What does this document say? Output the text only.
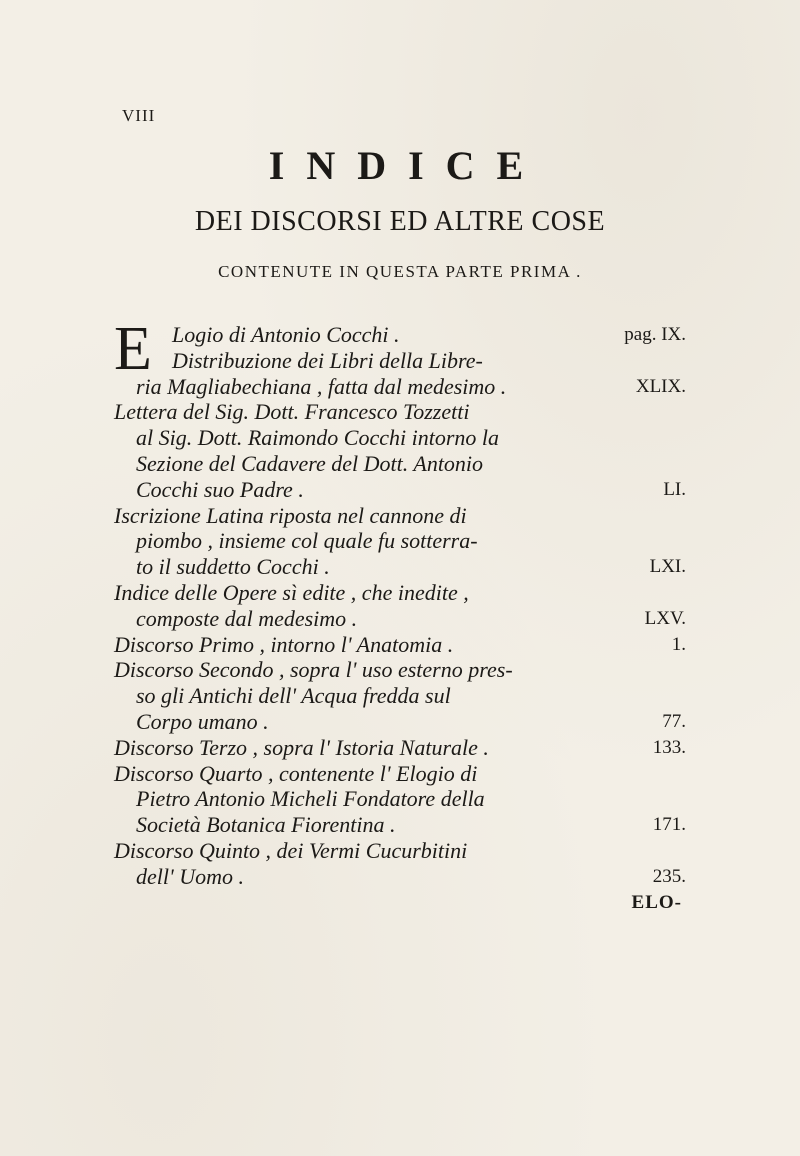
VIII
INDICE
DEI DISCORSI ED ALTRE COSE
CONTENUTE IN QUESTA PARTE PRIMA .
E Logio di Antonio Cocchi .	pag. IX.
Distribuzione dei Libri della Libre-
ria Magliabechiana , fatta dal medesimo .	XLIX.
Lettera del Sig. Dott. Francesco Tozzetti
al Sig. Dott. Raimondo Cocchi intorno la
Sezione del Cadavere del Dott. Antonio
Cocchi suo Padre .	LI.
Iscrizione Latina riposta nel cannone di
piombo , insieme col quale fu sotterra-
to il suddetto Cocchi .	LXI.
Indice delle Opere sì edite , che inedite ,
composte dal medesimo .	LXV.
Discorso Primo , intorno l' Anatomia .	1.
Discorso Secondo , sopra l' uso esterno pres-
so gli Antichi dell' Acqua fredda sul
Corpo umano .	77.
Discorso Terzo , sopra l' Istoria Naturale .	133.
Discorso Quarto , contenente l' Elogio di
Pietro Antonio Micheli Fondatore della
Società Botanica Fiorentina .	171.
Discorso Quinto , dei Vermi Cucurbitini
dell' Uomo .	235.
ELO-
